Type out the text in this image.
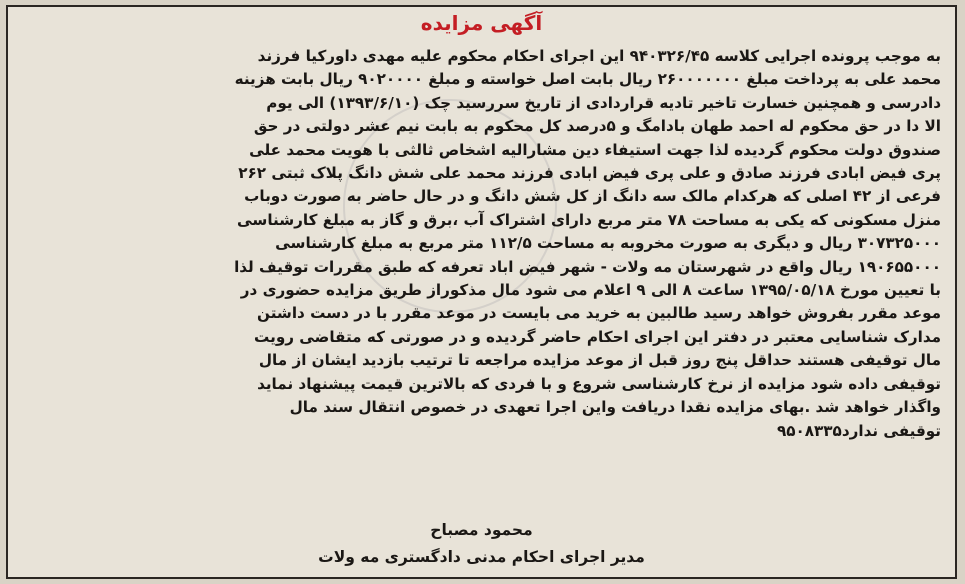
آگهی مزایده
به موجب پرونده اجرایی کلاسه ۹۴۰۳۲۶/۴۵ این اجرای احکام محکوم علیه مهدی داورکیا فرزند
محمد علی به پرداخت مبلغ ۲۶۰۰۰۰۰۰۰ ریال بابت اصل خواسته و مبلغ ۹۰۲۰۰۰۰ ریال بابت هزینه
دادرسی و همچنین خسارت تاخیر تادیه قراردادی از تاریخ سررسید چک (۱۳۹۳/۶/۱۰) الی یوم
الا دا در حق محکوم له احمد طهان بادامگ و ۵درصد کل محکوم به بابت نیم عشر دولتی در حق
صندوق دولت محکوم گردیده لذا جهت استیفاء دین مشارالیه اشخاص ثالثی با هویت محمد علی
پری فیض ابادی فرزند صادق و علی پری فیض ابادی فرزند محمد علی شش دانگ پلاک ثبتی ۲۶۲
فرعی از ۴۲ اصلی که هرکدام مالک سه دانگ از کل شش دانگ و در حال حاضر به صورت دوباب
منزل مسکونی که یکی به مساحت ۷۸ متر مربع دارای اشتراک آب ،برق و گاز به مبلغ کارشناسی
۳۰۷۳۲۵۰۰۰ ریال و دیگری به صورت مخروبه به مساحت ۱۱۲/۵ متر مربع به مبلغ کارشناسی
۱۹۰۶۵۵۰۰۰ ریال واقع در شهرستان مه ولات - شهر فیض اباد تعرفه که طبق مقررات توقیف لذا
با تعیین مورخ ۱۳۹۵/۰۵/۱۸ ساعت ۸ الی ۹ اعلام می شود مال مذکوراز طریق مزایده حضوری در
موعد مقرر بفروش خواهد رسید طالبین به خرید می بایست در موعد مقرر با در دست داشتن
مدارک شناسایی معتبر در دفتر این اجرای احکام حاضر گردیده و در صورتی که متقاضی رویت
مال توقیفی هستند حداقل پنج روز قبل از موعد مزایده مراجعه تا ترتیب بازدید ایشان از مال
توقیفی داده شود مزایده از نرخ کارشناسی شروع و با فردی که بالاترین قیمت پیشنهاد نماید
واگذار خواهد شد .بهای مزایده نقدا دریافت واین اجرا تعهدی در خصوص انتقال سند مال
توقیفی ندارد۹۵۰۸۳۳۵
محمود مصباح
مدیر اجرای احکام مدنی دادگستری مه ولات
